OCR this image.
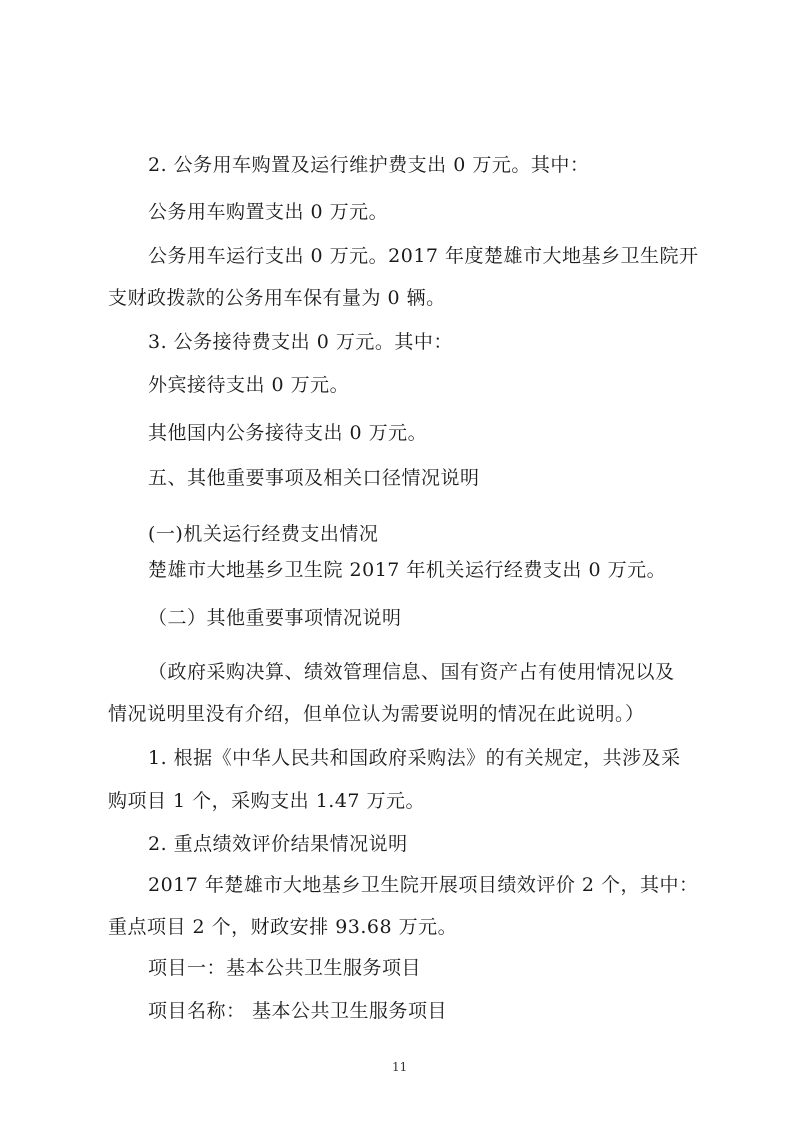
2. 公务用车购置及运行维护费支出 0 万元。其中：
公务用车购置支出 0 万元。
公务用车运行支出 0 万元。2017 年度楚雄市大地基乡卫生院开
支财政拨款的公务用车保有量为 0 辆。
3. 公务接待费支出 0 万元。其中：
外宾接待支出 0 万元。
其他国内公务接待支出 0 万元。
五、其他重要事项及相关口径情况说明
(一)机关运行经费支出情况
楚雄市大地基乡卫生院 2017 年机关运行经费支出 0 万元。
（二）其他重要事项情况说明
（政府采购决算、绩效管理信息、国有资产占有使用情况以及
情况说明里没有介绍，但单位认为需要说明的情况在此说明。）
1. 根据《中华人民共和国政府采购法》的有关规定，共涉及采
购项目 1 个，采购支出 1.47 万元。
2. 重点绩效评价结果情况说明
2017 年楚雄市大地基乡卫生院开展项目绩效评价 2 个，其中：
重点项目 2 个，财政安排 93.68 万元。
项目一：基本公共卫生服务项目
项目名称： 基本公共卫生服务项目
11
